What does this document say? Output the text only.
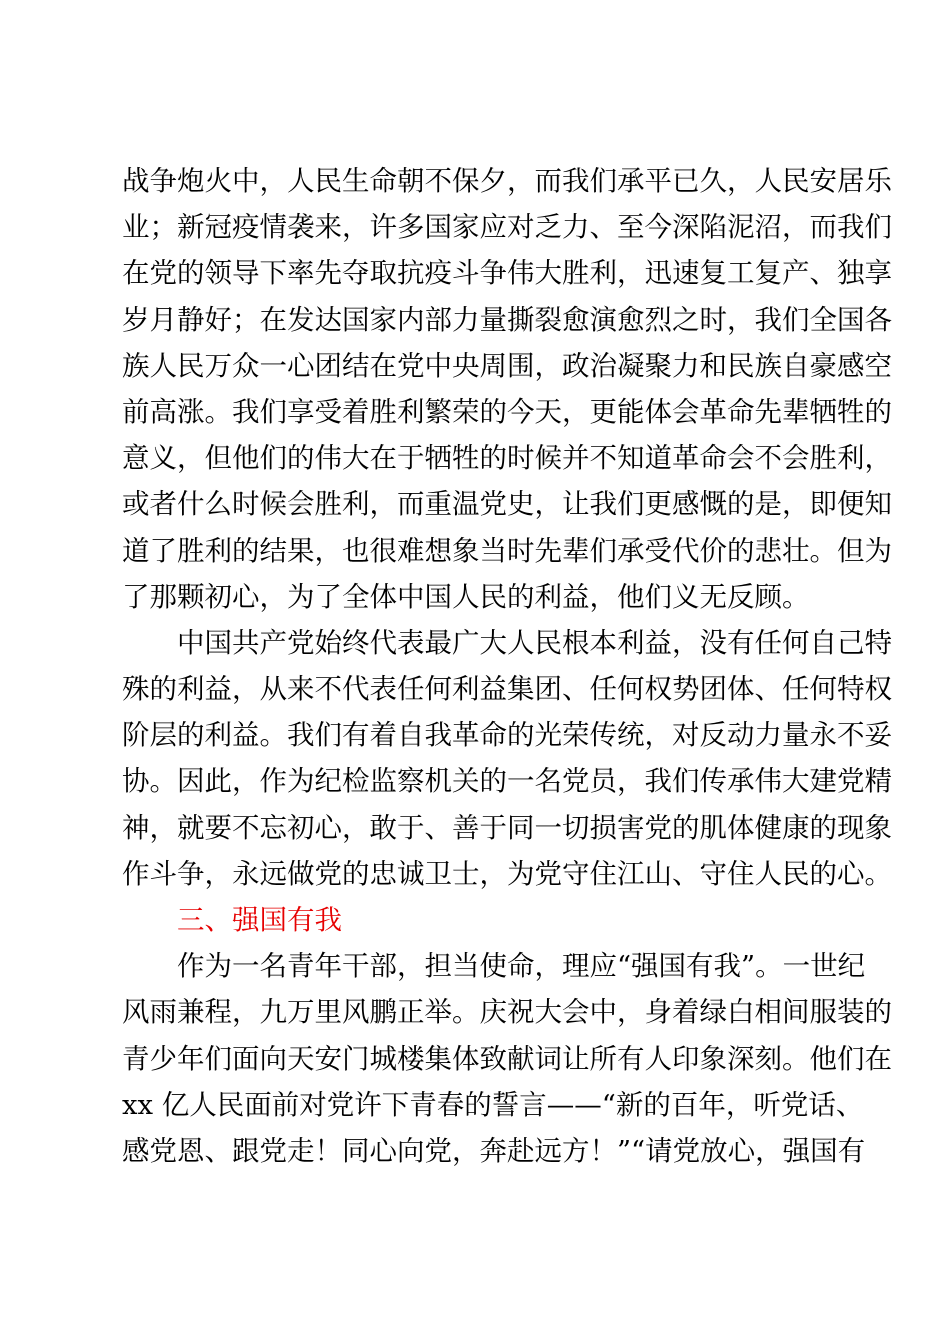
战争炮火中，人民生命朝不保夕，而我们承平已久，人民安居乐
业；新冠疫情袭来，许多国家应对乏力、至今深陷泥沼，而我们
在党的领导下率先夺取抗疫斗争伟大胜利，迅速复工复产、独享
岁月静好；在发达国家内部力量撕裂愈演愈烈之时，我们全国各
族人民万众一心团结在党中央周围，政治凝聚力和民族自豪感空
前高涨。我们享受着胜利繁荣的今天，更能体会革命先辈牺牲的
意义，但他们的伟大在于牺牲的时候并不知道革命会不会胜利，
或者什么时候会胜利，而重温党史，让我们更感慨的是，即便知
道了胜利的结果，也很难想象当时先辈们承受代价的悲壮。但为
了那颗初心，为了全体中国人民的利益，他们义无反顾。
中国共产党始终代表最广大人民根本利益，没有任何自己特
殊的利益，从来不代表任何利益集团、任何权势团体、任何特权
阶层的利益。我们有着自我革命的光荣传统，对反动力量永不妥
协。因此，作为纪检监察机关的一名党员，我们传承伟大建党精
神，就要不忘初心，敢于、善于同一切损害党的肌体健康的现象
作斗争，永远做党的忠诚卫士，为党守住江山、守住人民的心。
三、强国有我
作为一名青年干部，担当使命，理应“强国有我”。一世纪
风雨兼程，九万里风鹏正举。庆祝大会中，身着绿白相间服装的
青少年们面向天安门城楼集体致献词让所有人印象深刻。他们在
xx 亿人民面前对党许下青春的誓言——“新的百年，听党话、
感党恩、跟党走！同心向党，奔赴远方！”“请党放心，强国有
